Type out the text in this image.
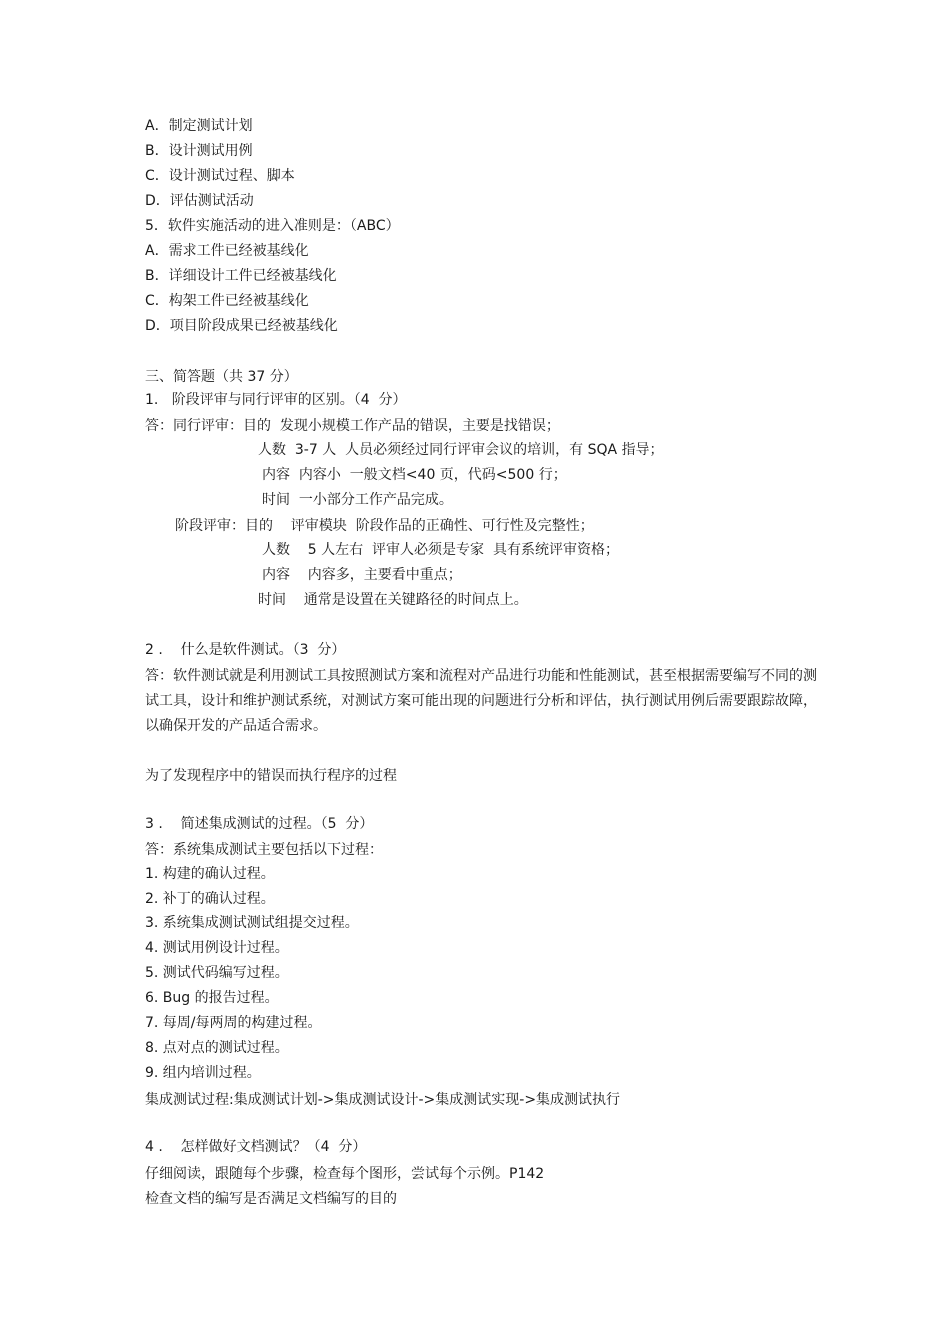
A．制定测试计划
B．设计测试用例
C．设计测试过程、脚本
D．评估测试活动
5．软件实施活动的进入准则是：（ABC）
A．需求工件已经被基线化
B．详细设计工件已经被基线化
C．构架工件已经被基线化
D．项目阶段成果已经被基线化
三、简答题（共 37 分）
1.   阶段评审与同行评审的区别。（4  分）
答：同行评审：目的  发现小规模工作产品的错误，主要是找错误；
人数  3-7 人  人员必须经过同行评审会议的培训，有 SQA 指导；
内容  内容小  一般文档<40 页，代码<500 行；
时间  一小部分工作产品完成。
阶段评审：目的    评审模块  阶段作品的正确性、可行性及完整性；
人数    5 人左右  评审人必须是专家  具有系统评审资格；
内容    内容多，主要看中重点；
时间    通常是设置在关键路径的时间点上。
2 .    什么是软件测试。（3  分）
答：软件测试就是利用测试工具按照测试方案和流程对产品进行功能和性能测试，甚至根据需要编写不同的测试工具，设计和维护测试系统，对测试方案可能出现的问题进行分析和评估，执行测试用例后需要跟踪故障，以确保开发的产品适合需求。
为了发现程序中的错误而执行程序的过程
3 .    简述集成测试的过程。（5  分）
答：系统集成测试主要包括以下过程：
1. 构建的确认过程。
2. 补丁的确认过程。
3. 系统集成测试测试组提交过程。
4. 测试用例设计过程。
5. 测试代码编写过程。
6. Bug 的报告过程。
7. 每周/每两周的构建过程。
8. 点对点的测试过程。
9. 组内培训过程。
集成测试过程:集成测试计划->集成测试设计->集成测试实现->集成测试执行
4 .    怎样做好文档测试？（4  分）
仔细阅读，跟随每个步骤，检查每个图形，尝试每个示例。P142
检查文档的编写是否满足文档编写的目的
